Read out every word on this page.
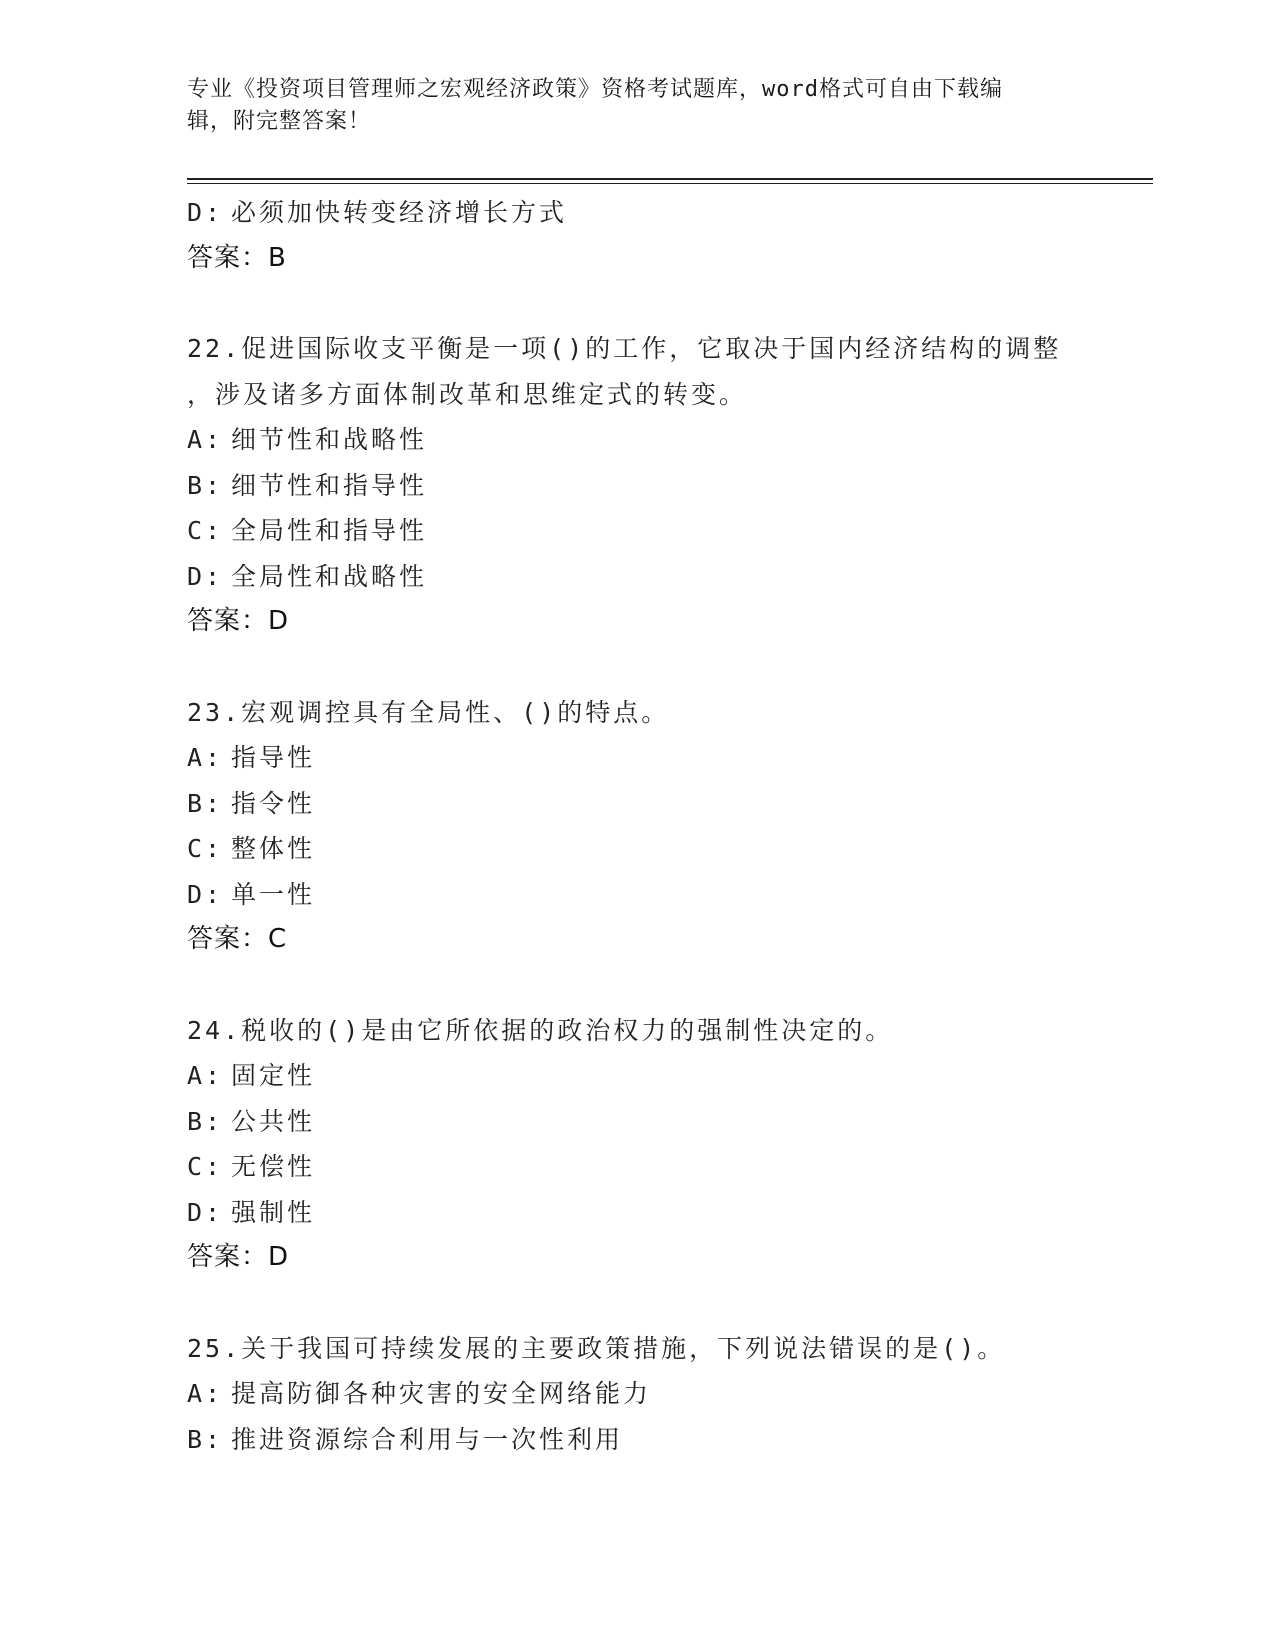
专业《投资项目管理师之宏观经济政策》资格考试题库，word格式可自由下载编
辑，附完整答案！
D: 必须加快转变经济增长方式
答案：B
22.促进国际收支平衡是一项()的工作，它取决于国内经济结构的调整
，涉及诸多方面体制改革和思维定式的转变。
A: 细节性和战略性
B: 细节性和指导性
C: 全局性和指导性
D: 全局性和战略性
答案：D
23.宏观调控具有全局性、()的特点。
A: 指导性
B: 指令性
C: 整体性
D: 单一性
答案：C
24.税收的()是由它所依据的政治权力的强制性决定的。
A: 固定性
B: 公共性
C: 无偿性
D: 强制性
答案：D
25.关于我国可持续发展的主要政策措施，下列说法错误的是()。
A: 提高防御各种灾害的安全网络能力
B: 推进资源综合利用与一次性利用
